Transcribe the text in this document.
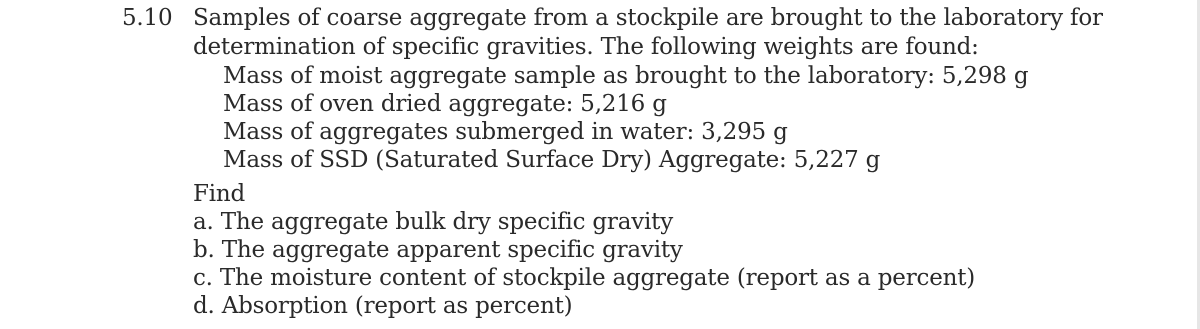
5.10 Samples of coarse aggregate from a stockpile are brought to the laboratory for
determination of specific gravities. The following weights are found:
Mass of moist aggregate sample as brought to the laboratory: 5,298 g
Mass of oven dried aggregate: 5,216 g
Mass of aggregates submerged in water: 3,295 g
Mass of SSD (Saturated Surface Dry) Aggregate: 5,227 g
Find
a. The aggregate bulk dry specific gravity
b. The aggregate apparent specific gravity
c. The moisture content of stockpile aggregate (report as a percent)
d. Absorption (report as percent)
